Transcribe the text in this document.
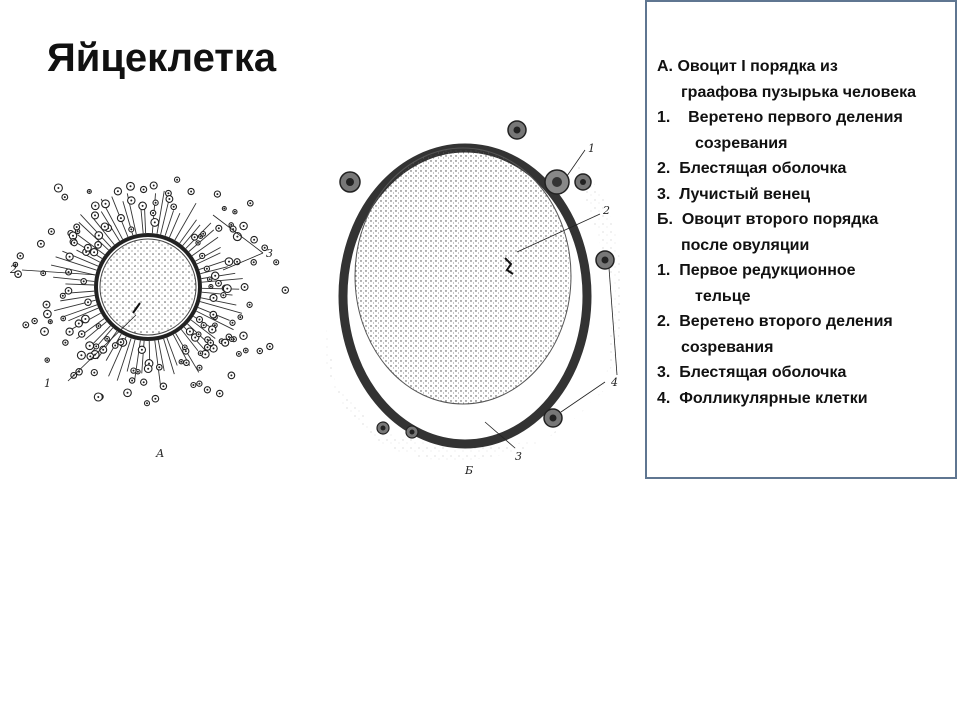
Яйцеклетка
1
2
3
А
1
2
3
4
Б
А. Овоцит I порядка из
граафова пузырька человека
1.    Веретено первого деления
созревания
2.  Блестящая оболочка
3.  Лучистый венец
Б.  Овоцит второго порядка
после овуляции
1.  Первое редукционное
тельце
2.  Веретено второго деления
созревания
3.  Блестящая оболочка
4.  Фолликулярные клетки
